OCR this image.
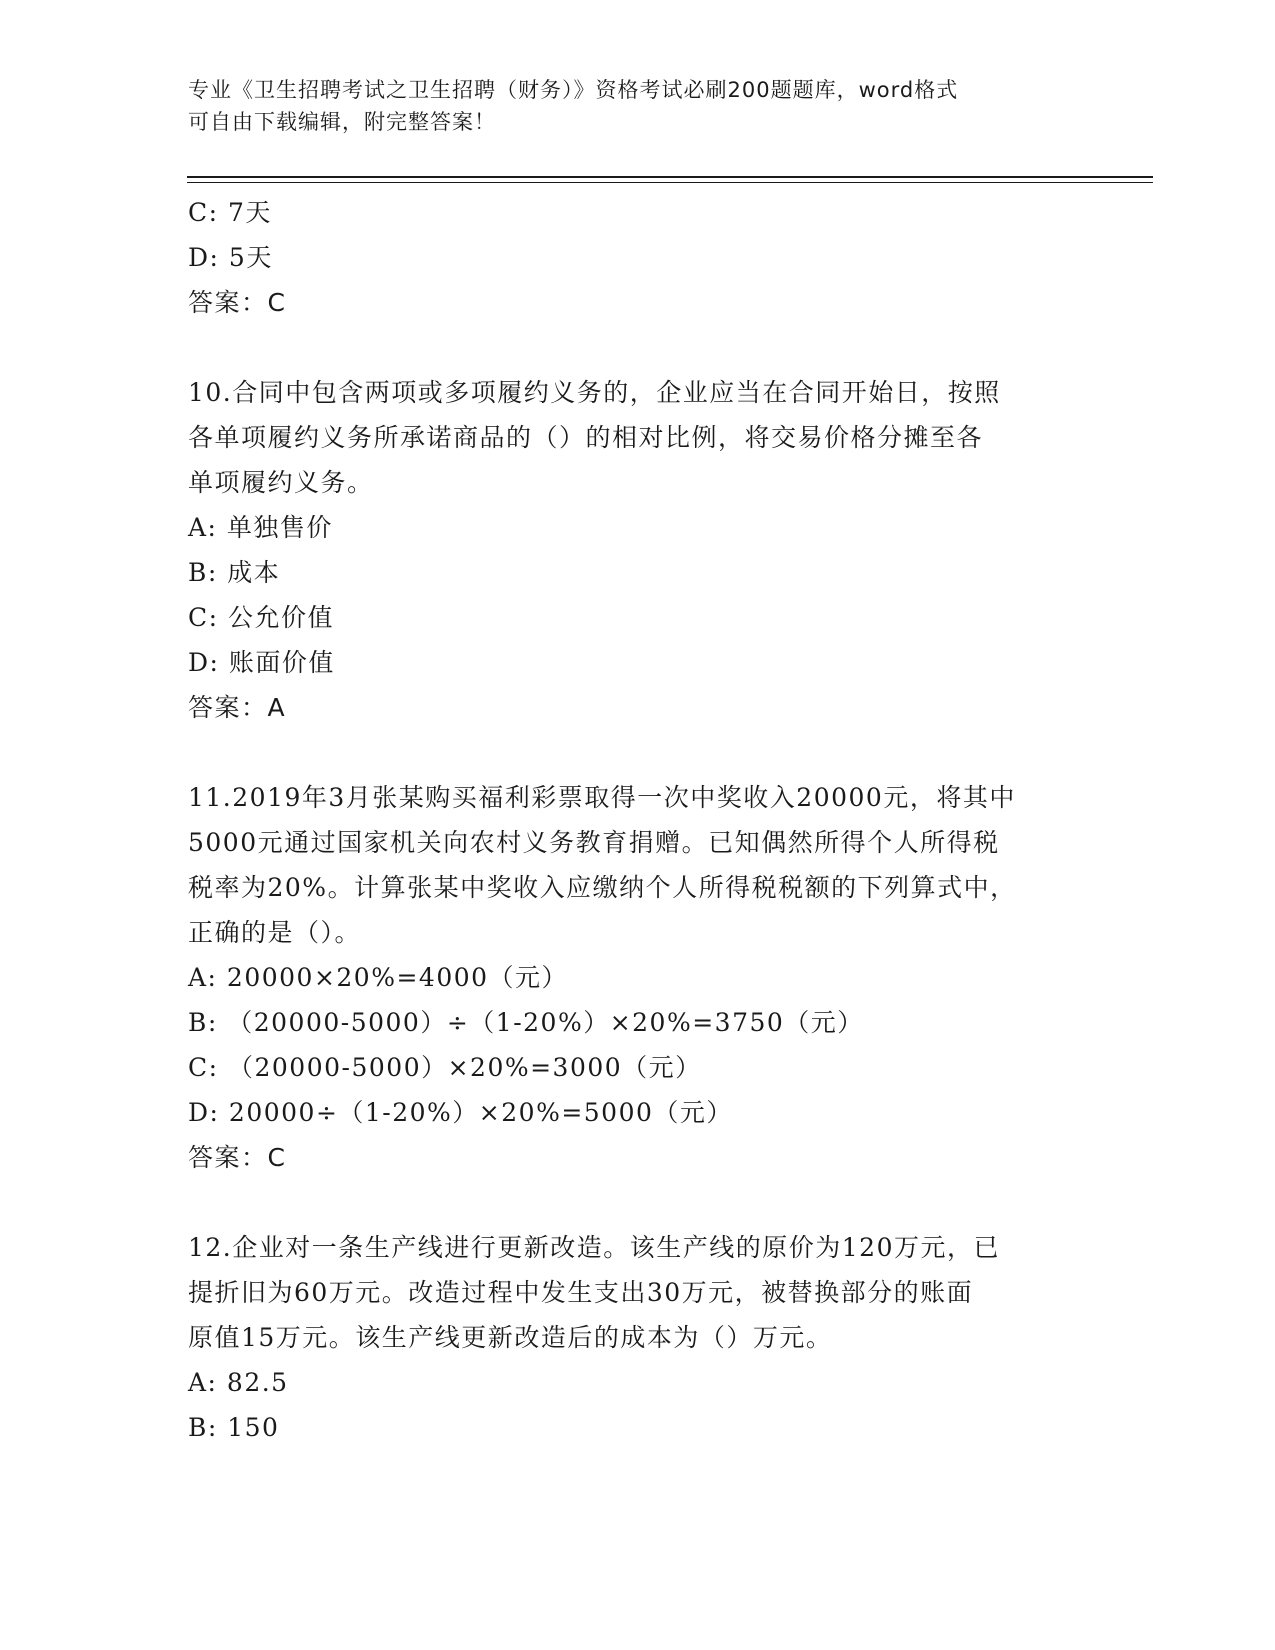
专业《卫生招聘考试之卫生招聘（财务）》资格考试必刷200题题库，word格式
可自由下载编辑，附完整答案！
C: 7天
D: 5天
答案：C
10.合同中包含两项或多项履约义务的，企业应当在合同开始日，按照
各单项履约义务所承诺商品的（）的相对比例，将交易价格分摊至各
单项履约义务。
A: 单独售价
B: 成本
C: 公允价值
D: 账面价值
答案：A
11.2019年3月张某购买福利彩票取得一次中奖收入20000元，将其中
5000元通过国家机关向农村义务教育捐赠。已知偶然所得个人所得税
税率为20%。计算张某中奖收入应缴纳个人所得税税额的下列算式中，
正确的是（）。
A: 20000×20%=4000（元）
B: （20000-5000）÷（1-20%）×20%=3750（元）
C: （20000-5000）×20%=3000（元）
D: 20000÷（1-20%）×20%=5000（元）
答案：C
12.企业对一条生产线进行更新改造。该生产线的原价为120万元，已
提折旧为60万元。改造过程中发生支出30万元，被替换部分的账面
原值15万元。该生产线更新改造后的成本为（）万元。
A: 82.5
B: 150
